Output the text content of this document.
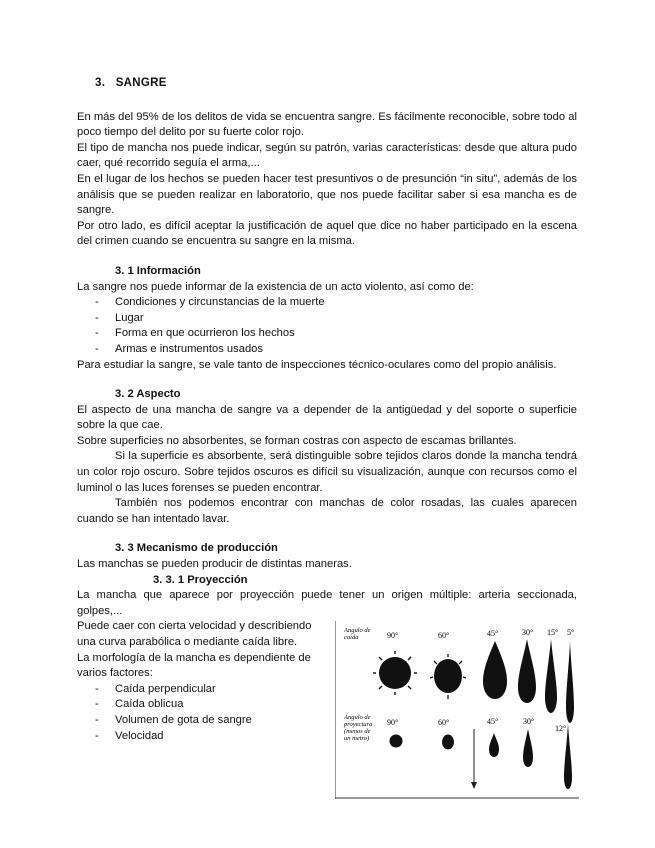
3. SANGRE

En más del 95% de los delitos de vida se encuentra sangre. Es fácilmente reconocible, sobre todo al poco tiempo del delito por su fuerte color rojo.

El tipo de mancha nos puede indicar, según su patrón, varias características: desde que altura pudo caer, qué recorrido seguía el arma,...

En el lugar de los hechos se pueden hacer test presuntivos o de presunción “in situ”, además de los análisis que se pueden realizar en laboratorio, que nos puede facilitar saber si esa mancha es de sangre.

Por otro lado, es difícil aceptar la justificación de aquel que dice no haber participado en la escena del crimen cuando se encuentra su sangre en la misma.

3. 1 Información

La sangre nos puede informar de la existencia de un acto violento, así como de:

- Condiciones y circunstancias de la muerte
- Lugar
- Forma en que ocurrieron los hechos
- Armas e instrumentos usados

Para estudiar la sangre, se vale tanto de inspecciones técnico-oculares como del propio análisis.

3. 2 Aspecto

El aspecto de una mancha de sangre va a depender de la antigüedad y del soporte o superficie sobre la que cae.

Sobre superficies no absorbentes, se forman costras con aspecto de escamas brillantes.

Si la superficie es absorbente, será distinguible sobre tejidos claros donde la mancha tendrá un color rojo oscuro. Sobre tejidos oscuros es difícil su visualización, aunque con recursos como el luminol o las luces forenses se pueden encontrar.

También nos podemos encontrar con manchas de color rosadas, las cuales aparecen cuando se han intentado lavar.

3. 3 Mecanismo de producción

Las manchas se pueden producir de distintas maneras.

3. 3. 1 Proyección

La mancha que aparece por proyección puede tener un origen múltiple: arteria seccionada, golpes,...

Puede caer con cierta velocidad y describiendo una curva parabólica o mediante caída libre.

La morfología de la mancha es dependiente de varios factores:

- Caída perpendicular
- Caída oblicua
- Volumen de gota de sangre
- Velocidad
Angulo de
caída	90°	60°	45°	30° 15° 5°
Ángulo de
proyectura
(menos de
un metro)
90°	60°	45°	30°
12°
